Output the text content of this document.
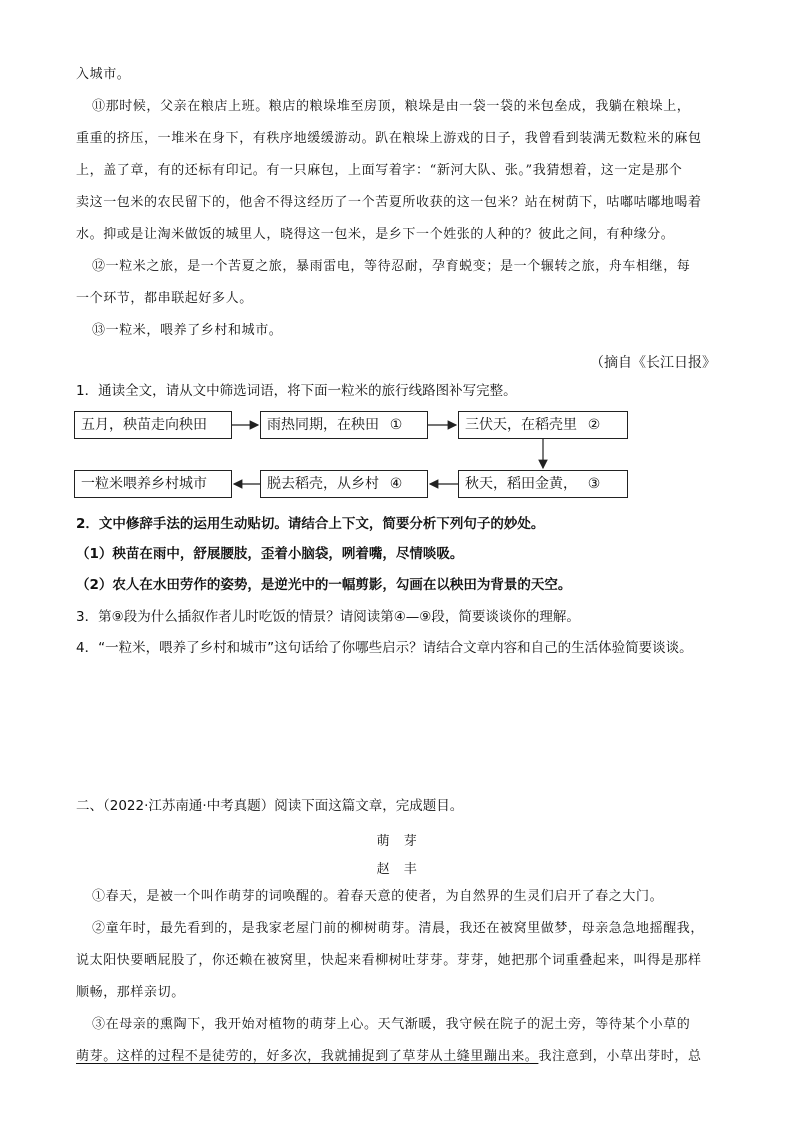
入城市。
⑪那时候，父亲在粮店上班。粮店的粮垛堆至房顶，粮垛是由一袋一袋的米包垒成，我躺在粮垛上，
重重的挤压，一堆米在身下，有秩序地缓缓游动。趴在粮垛上游戏的日子，我曾看到装满无数粒米的麻包
上，盖了章，有的还标有印记。有一只麻包，上面写着字：“新河大队、张。”我猜想着，这一定是那个
卖这一包米的农民留下的，他舍不得这经历了一个苦夏所收获的这一包米？站在树荫下，咕嘟咕嘟地喝着
水。抑或是让淘米做饭的城里人，晓得这一包米，是乡下一个姓张的人种的？彼此之间，有种缘分。
⑫一粒米之旅，是一个苦夏之旅，暴雨雷电，等待忍耐，孕育蜕变；是一个辗转之旅，舟车相继，每
一个环节，都串联起好多人。
⑬一粒米，喂养了乡村和城市。
（摘自《长江日报》
1．通读全文，请从文中筛选词语，将下面一粒米的旅行线路图补写完整。
五月，秧苗走向秧田	雨热同期，在秧田 ①	三伏天，在稻壳里 ②
秋天，稻田金黄， ③
脱去稻壳，从乡村 ④
一粒米喂养乡村城市
2．文中修辞手法的运用生动贴切。请结合上下文，简要分析下列句子的妙处。
（1）秧苗在雨中，舒展腰肢，歪着小脑袋，咧着嘴，尽情啖吸。
（2）农人在水田劳作的姿势，是逆光中的一幅剪影，勾画在以秧田为背景的天空。
3．第⑨段为什么插叙作者儿时吃饭的情景？请阅读第④—⑨段，简要谈谈你的理解。
4．“一粒米，喂养了乡村和城市”这句话给了你哪些启示？请结合文章内容和自己的生活体验简要谈谈。
二、（2022·江苏南通·中考真题）阅读下面这篇文章，完成题目。
萌　芽
赵　丰
①春天，是被一个叫作萌芽的词唤醒的。着春天意的使者，为自然界的生灵们启开了春之大门。
②童年时，最先看到的，是我家老屋门前的柳树萌芽。清晨，我还在被窝里做梦，母亲急急地摇醒我，
说太阳快要晒屁股了，你还赖在被窝里，快起来看柳树吐芽芽。芽芽，她把那个词重叠起来，叫得是那样
顺畅，那样亲切。
③在母亲的熏陶下，我开始对植物的萌芽上心。天气渐暖，我守候在院子的泥土旁，等待某个小草的
萌芽。这样的过程不是徒劳的，好多次，我就捕捉到了草芽从土缝里蹦出来。我注意到，小草出芽时，总
